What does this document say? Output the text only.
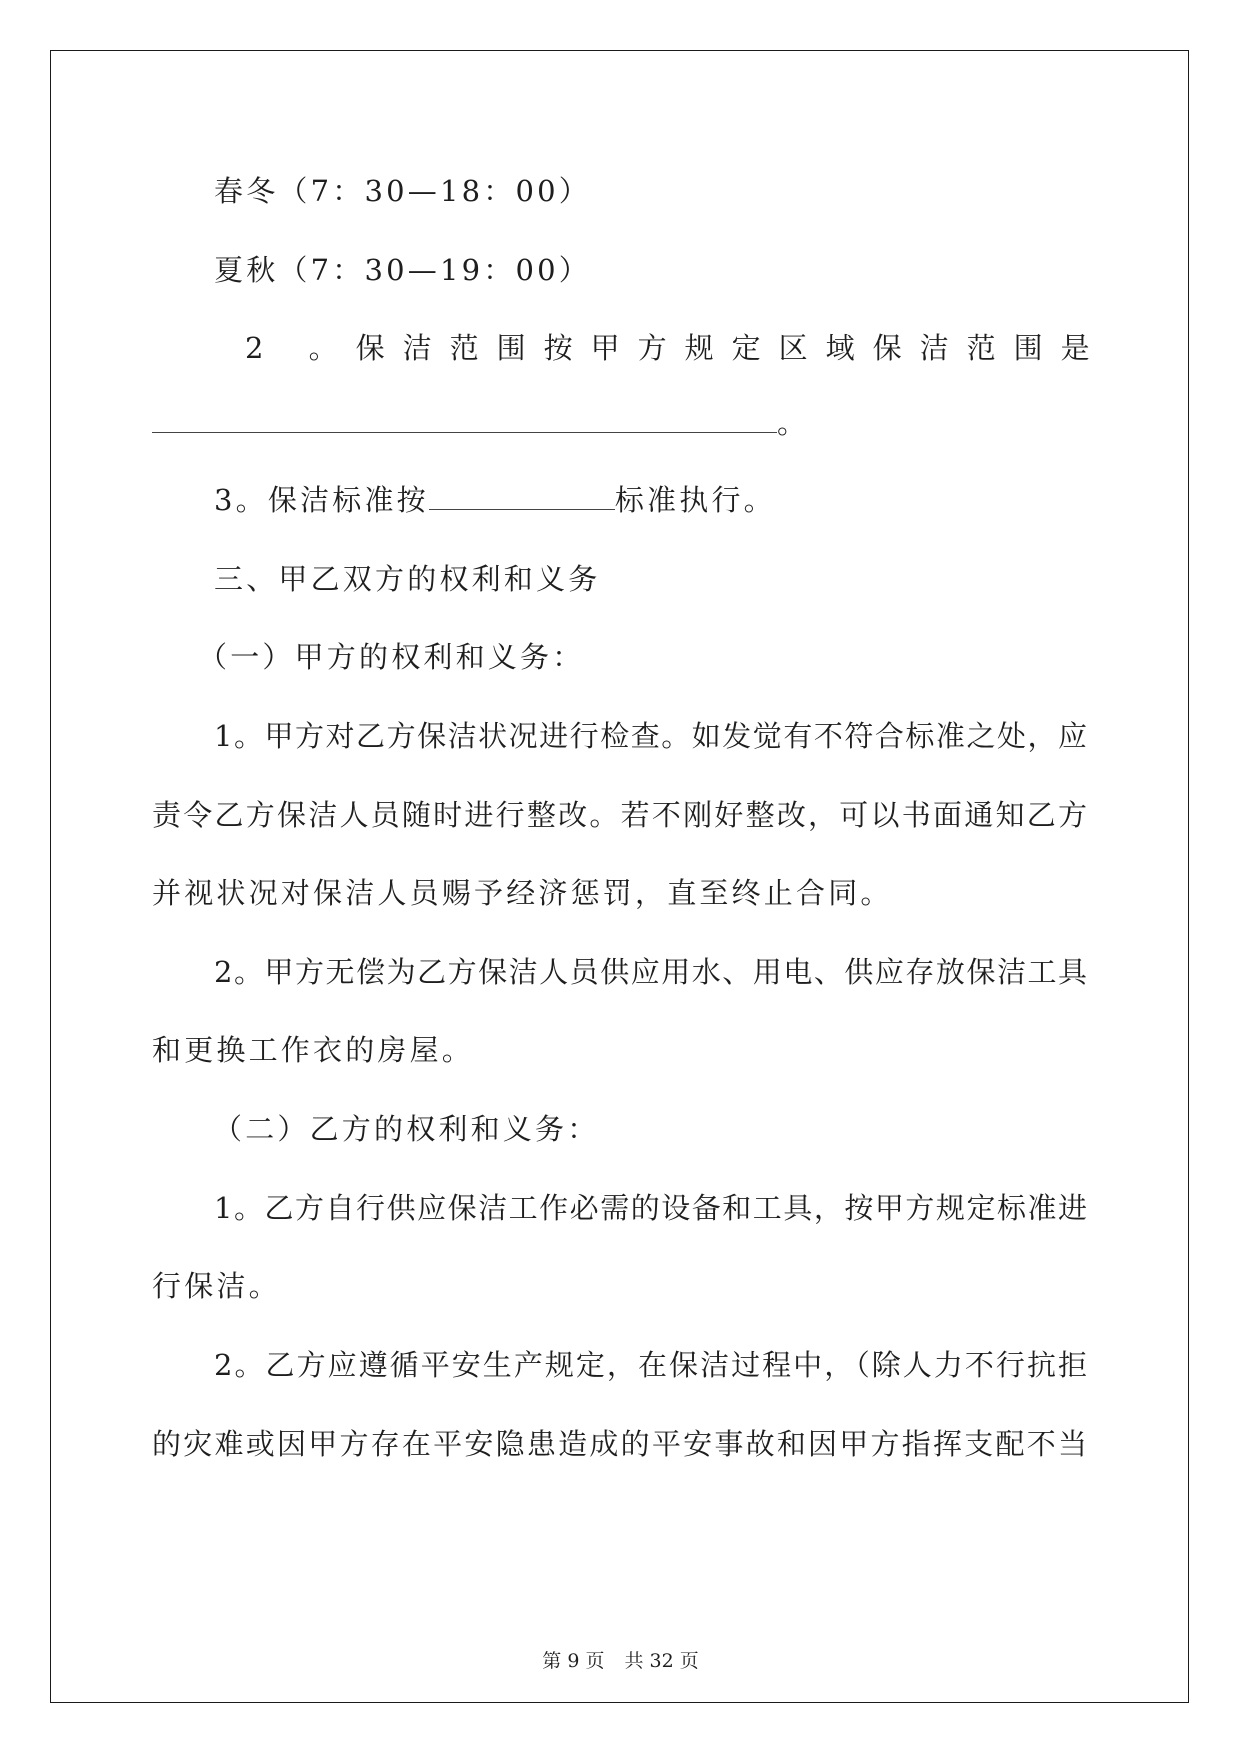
春冬（7：30—18：00）
夏秋（7：30—19：00）
2 。保洁范围按甲方规定区域保洁范围是
。
3。保洁标准按	标准执行。
三、甲乙双方的权利和义务
（一）甲方的权利和义务：
1。甲方对乙方保洁状况进行检查。如发觉有不符合标准之处，应
责令乙方保洁人员随时进行整改。若不刚好整改，可以书面通知乙方
并视状况对保洁人员赐予经济惩罚，直至终止合同。
2。甲方无偿为乙方保洁人员供应用水、用电、供应存放保洁工具
和更换工作衣的房屋。
（二）乙方的权利和义务：
1。乙方自行供应保洁工作必需的设备和工具，按甲方规定标准进
行保洁。
2。乙方应遵循平安生产规定，在保洁过程中，（除人力不行抗拒
的灾难或因甲方存在平安隐患造成的平安事故和因甲方指挥支配不当
第 9 页 共 32 页
